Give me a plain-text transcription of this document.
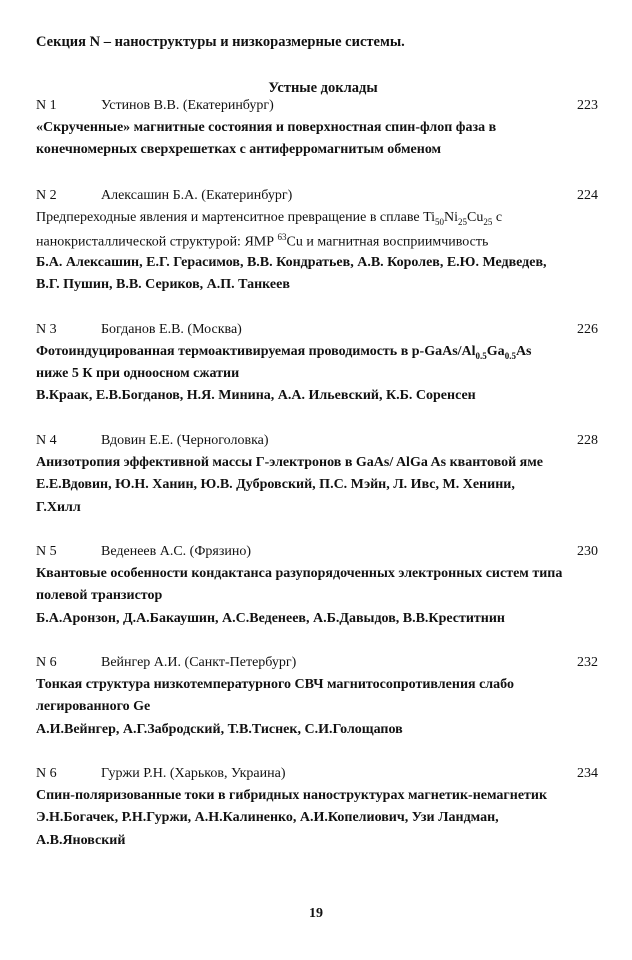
Секция N – наноструктуры и низкоразмерные системы.
Устные доклады
N 1	Устинов В.В. (Екатеринбург)	223
«Скрученные» магнитные состояния и поверхностная спин-флоп фаза в
конечномерных сверхрешетках с антиферромагнитым обменом
N 2	Алексашин Б.А. (Екатеринбург)	224
Предпереходные явления и мартенситное превращение в сплаве $Ti_{50}Ni_{25}Cu_{25}$ с
нанокристаллической структурой: ЯМР $^{63}$Cu и магнитная восприимчивость
Б.А. Алексашин, Е.Г. Герасимов, В.В. Кондратьев, А.В. Королев, Е.Ю. Медведев,
В.Г. Пушин, В.В. Сериков, А.П. Танкеев
N 3	Богданов Е.В. (Москва)	226
Фотоиндуцированная термоактивируемая проводимость в $p-GaAs/Al_{0.5}Ga_{0.5}As$
ниже 5 К при одноосном сжатии
В.Краак, Е.В.Богданов, Н.Я. Минина, А.А. Ильевский, К.Б. Соренсен
N 4	Вдовин Е.Е. (Черноголовка)	228
Анизотропия эффективной массы Г-электронов в GaAs/ AlGa As квантовой яме
Е.Е.Вдовин, Ю.Н. Ханин, Ю.В. Дубровский, П.С. Мэйн, Л. Ивс, М. Хенини,
Г.Хилл
N 5	Веденеев А.С. (Фрязино)	230
Квантовые особенности кондактанса разупорядоченных электронных систем типа
полевой транзистор
Б.А.Аронзон, Д.А.Бакаушин, А.С.Веденеев, А.Б.Давыдов, В.В.Креститнин
N 6	Вейнгер А.И. (Санкт-Петербург)	232
Тонкая структура низкотемпературного СВЧ магнитосопротивления слабо
легированного Ge
А.И.Вейнгер, А.Г.Забродский, Т.В.Тиснек, С.И.Голощапов
N 6	Гуржи Р.Н. (Харьков, Украина)	234
Спин-поляризованные токи в гибридных наноструктурах магнетик-немагнетик
Э.Н.Богачек, Р.Н.Гуржи, А.Н.Калиненко, А.И.Копелиович, Узи Ландман,
А.В.Яновский
19
